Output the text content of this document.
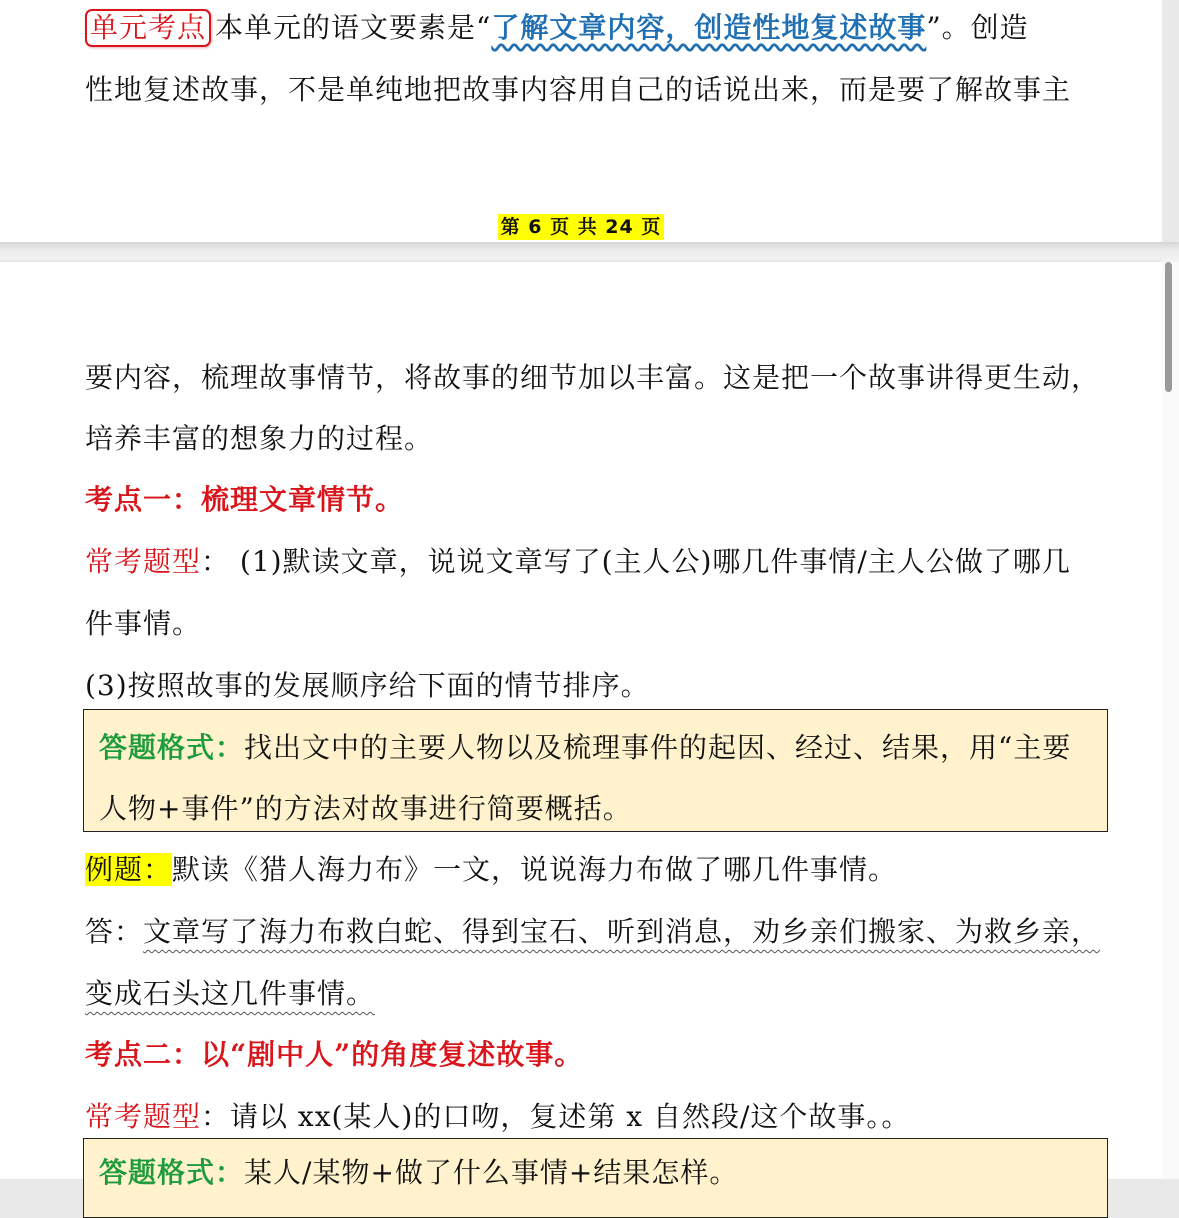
单元考点 本单元的语文要素是“了解文章内容，创造性地复述故事”。创造
性地复述故事，不是单纯地把故事内容用自己的话说出来，而是要了解故事主
第 6 页 共 24 页
要内容，梳理故事情节，将故事的细节加以丰富。这是把一个故事讲得更生动，
培养丰富的想象力的过程。
考点一：梳理文章情节。
常考题型： (1)默读文章，说说文章写了(主人公)哪几件事情/主人公做了哪几
件事情。
(3)按照故事的发展顺序给下面的情节排序。
答题格式：找出文中的主要人物以及梳理事件的起因、经过、结果，用“主要
人物+事件”的方法对故事进行简要概括。
例题：默读《猎人海力布》一文，说说海力布做了哪几件事情。
答：文章写了海力布救白蛇、得到宝石、听到消息，劝乡亲们搬家、为救乡亲，
变成石头这几件事情。
考点二：以“剧中人”的角度复述故事。
常考题型：请以 xx(某人)的口吻，复述第 x 自然段/这个故事。。
答题格式：某人/某物+做了什么事情+结果怎样。
